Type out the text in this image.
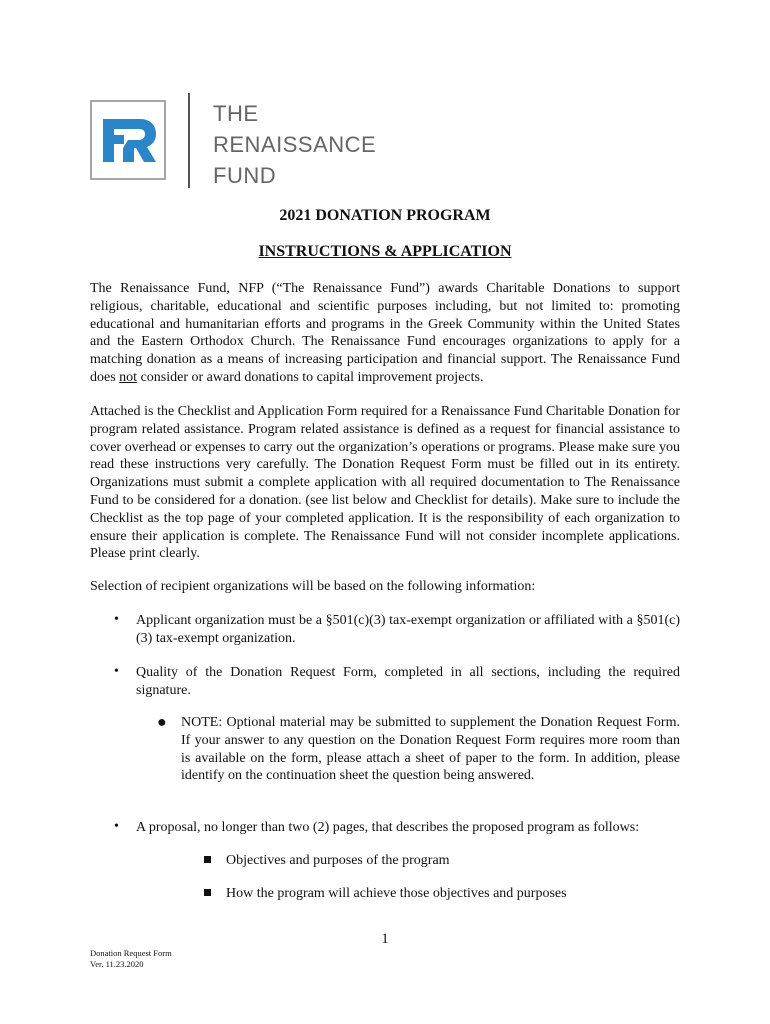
THE
RENAISSANCE
FUND
2021 DONATION PROGRAM
INSTRUCTIONS & APPLICATION
The Renaissance Fund, NFP (“The Renaissance Fund”) awards Charitable Donations to support religious, charitable, educational and scientific purposes including, but not limited to: promoting educational and humanitarian efforts and programs in the Greek Community within the United States and the Eastern Orthodox Church. The Renaissance Fund encourages organizations to apply for a matching donation as a means of increasing participation and financial support. The Renaissance Fund does not consider or award donations to capital improvement projects.
Attached is the Checklist and Application Form required for a Renaissance Fund Charitable Donation for program related assistance. Program related assistance is defined as a request for financial assistance to cover overhead or expenses to carry out the organization’s operations or programs. Please make sure you read these instructions very carefully. The Donation Request Form must be filled out in its entirety. Organizations must submit a complete application with all required documentation to The Renaissance Fund to be considered for a donation. (see list below and Checklist for details). Make sure to include the Checklist as the top page of your completed application. It is the responsibility of each organization to ensure their application is complete. The Renaissance Fund will not consider incomplete applications. Please print clearly.
Selection of recipient organizations will be based on the following information:
• Applicant organization must be a §501(c)(3) tax-exempt organization or affiliated with a §501(c)(3) tax-exempt organization.
• Quality of the Donation Request Form, completed in all sections, including the required signature.
● NOTE: Optional material may be submitted to supplement the Donation Request Form. If your answer to any question on the Donation Request Form requires more room than is available on the form, please attach a sheet of paper to the form. In addition, please identify on the continuation sheet the question being answered.
• A proposal, no longer than two (2) pages, that describes the proposed program as follows:
Objectives and purposes of the program
How the program will achieve those objectives and purposes
1
Donation Request Form
Ver. 11.23.2020
